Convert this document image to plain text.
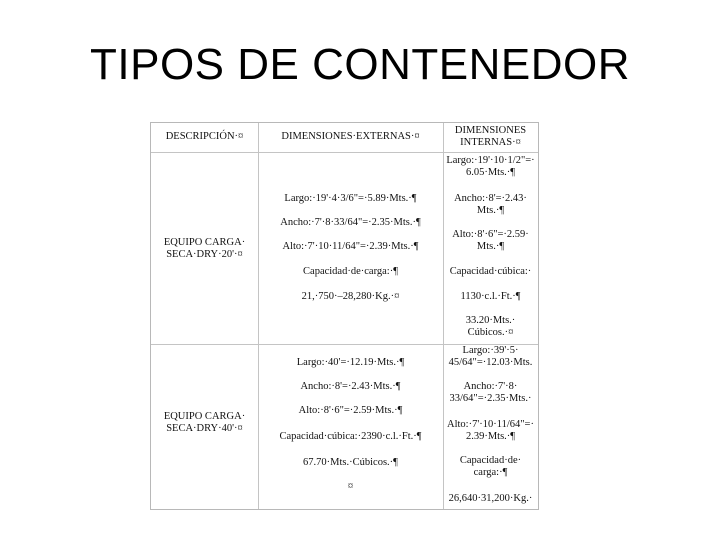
TIPOS DE CONTENEDOR
DESCRIPCIÓN·¤	DIMENSIONES·EXTERNAS·¤
DIMENSIONES
INTERNAS·¤
EQUIPO CARGA·
SECA·DRY·20'·¤
Largo:·19'·4·3/6"=·5.89·Mts.·¶
Ancho:·7'·8·33/64"=·2.35·Mts.·¶
Alto:·7'·10·11/64"=·2.39·Mts.·¶
Capacidad·de·carga:·¶
21,·750·–28,280·Kg.·¤
Largo:·19'·10·1/2"=·
6.05·Mts.·¶
Ancho:·8'=·2.43·
Mts.·¶
Alto:·8'·6"=·2.59·
Mts.·¶
Capacidad·cúbica:·
1130·c.l.·Ft.·¶
33.20·Mts.·
Cúbicos.·¤
EQUIPO CARGA·
SECA·DRY·40'·¤
Largo:·40'=·12.19·Mts.·¶
Ancho:·8'=·2.43·Mts.·¶
Alto:·8'·6"=·2.59·Mts.·¶
Capacidad·cúbica:·2390·c.l.·Ft.·¶
67.70·Mts.·Cúbicos.·¶
¤
Largo:·39'·5·
45/64"=·12.03·Mts.
Ancho:·7'·8·
33/64"=·2.35·Mts.·
Alto:·7'·10·11/64"=·
2.39·Mts.·¶
Capacidad·de·
carga:·¶
26,640·31,200·Kg.·
